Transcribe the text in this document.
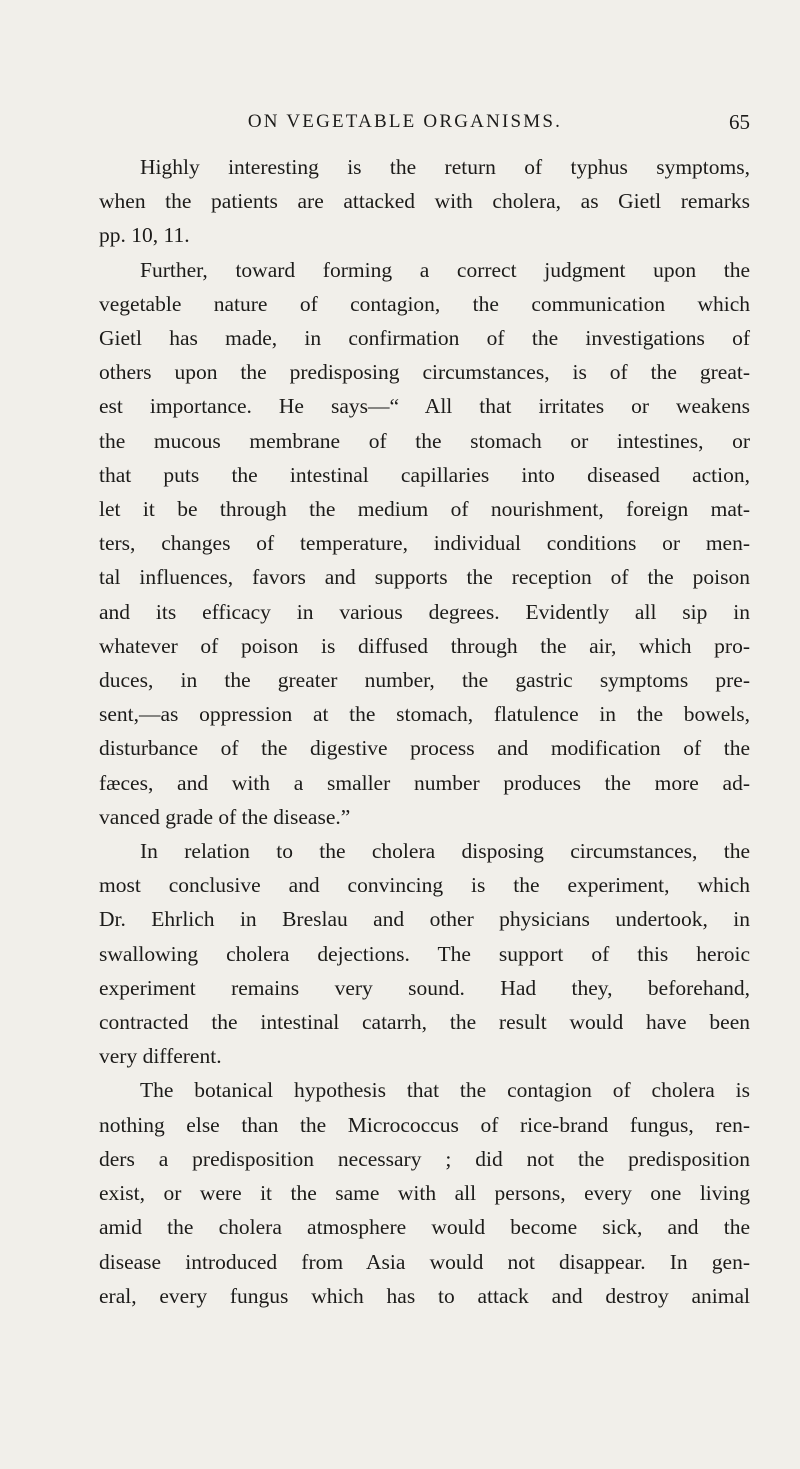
ON VEGETABLE ORGANISMS.	65

Highly interesting is the return of typhus symptoms,
when the patients are attacked with cholera, as Gietl remarks
pp. 10, 11.

Further, toward forming a correct judgment upon the
vegetable nature of contagion, the communication which
Gietl has made, in confirmation of the investigations of
others upon the predisposing circumstances, is of the great-
est importance. He says—“ All that irritates or weakens
the mucous membrane of the stomach or intestines, or
that puts the intestinal capillaries into diseased action,
let it be through the medium of nourishment, foreign mat-
ters, changes of temperature, individual conditions or men-
tal influences, favors and supports the reception of the poison
and its efficacy in various degrees. Evidently all sip in
whatever of poison is diffused through the air, which pro-
duces, in the greater number, the gastric symptoms pre-
sent,—as oppression at the stomach, flatulence in the bowels,
disturbance of the digestive process and modification of the
fæces, and with a smaller number produces the more ad-
vanced grade of the disease.”

In relation to the cholera disposing circumstances, the
most conclusive and convincing is the experiment, which
Dr. Ehrlich in Breslau and other physicians undertook, in
swallowing cholera dejections. The support of this heroic
experiment remains very sound. Had they, beforehand,
contracted the intestinal catarrh, the result would have been
very different.

The botanical hypothesis that the contagion of cholera is
nothing else than the Micrococcus of rice-brand fungus, ren-
ders a predisposition necessary ; did not the predisposition
exist, or were it the same with all persons, every one living
amid the cholera atmosphere would become sick, and the
disease introduced from Asia would not disappear. In gen-
eral, every fungus which has to attack and destroy animal
